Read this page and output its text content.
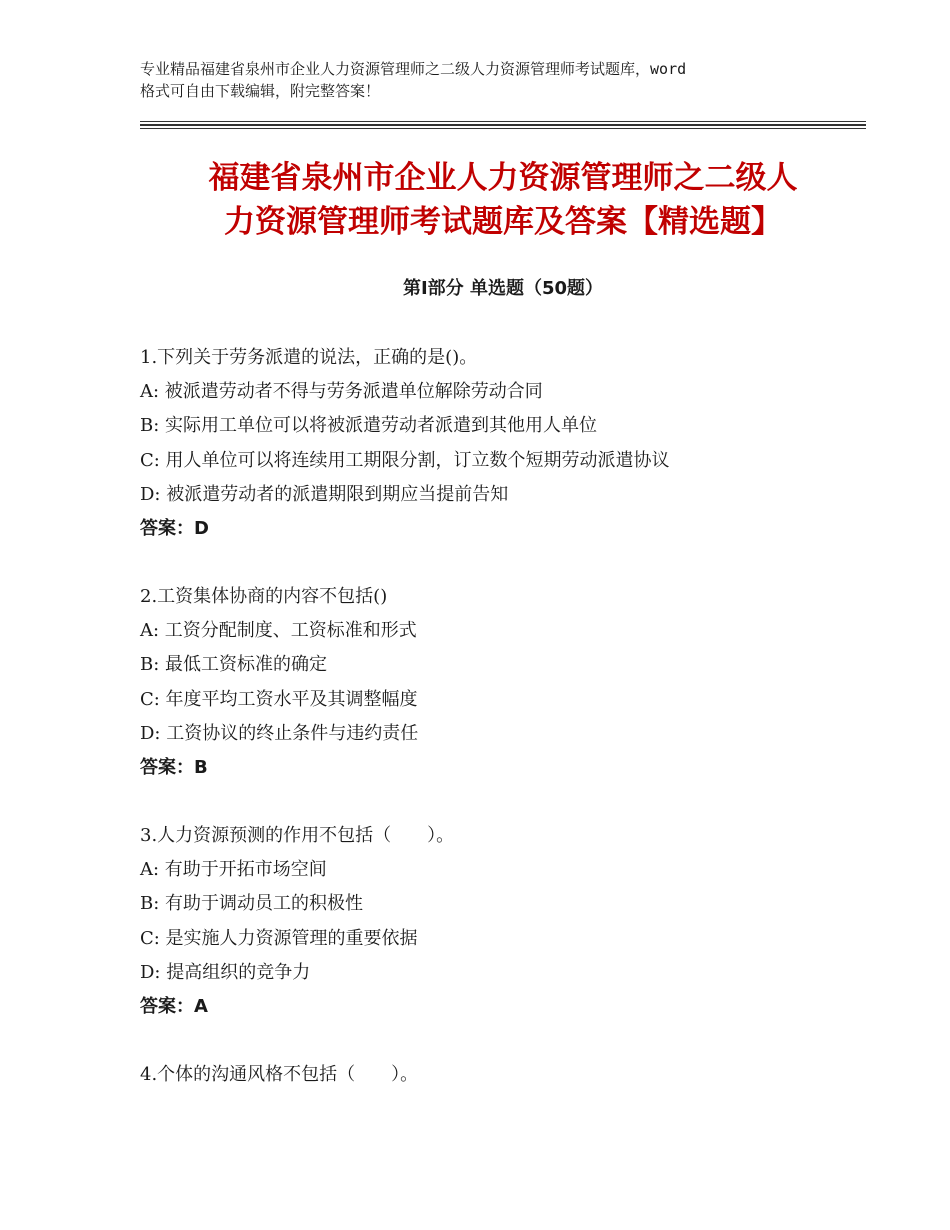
专业精品福建省泉州市企业人力资源管理师之二级人力资源管理师考试题库，word
格式可自由下载编辑，附完整答案！
福建省泉州市企业人力资源管理师之二级人
力资源管理师考试题库及答案【精选题】
第Ⅰ部分 单选题（50题）
1.下列关于劳务派遣的说法，正确的是()。
A: 被派遣劳动者不得与劳务派遣单位解除劳动合同
B: 实际用工单位可以将被派遣劳动者派遣到其他用人单位
C: 用人单位可以将连续用工期限分割，订立数个短期劳动派遣协议
D: 被派遣劳动者的派遣期限到期应当提前告知
答案：D
2.工资集体协商的内容不包括()
A: 工资分配制度、工资标准和形式
B: 最低工资标准的确定
C: 年度平均工资水平及其调整幅度
D: 工资协议的终止条件与违约责任
答案：B
3.人力资源预测的作用不包括（　　）。
A: 有助于开拓市场空间
B: 有助于调动员工的积极性
C: 是实施人力资源管理的重要依据
D: 提高组织的竞争力
答案：A
4.个体的沟通风格不包括（　　）。
